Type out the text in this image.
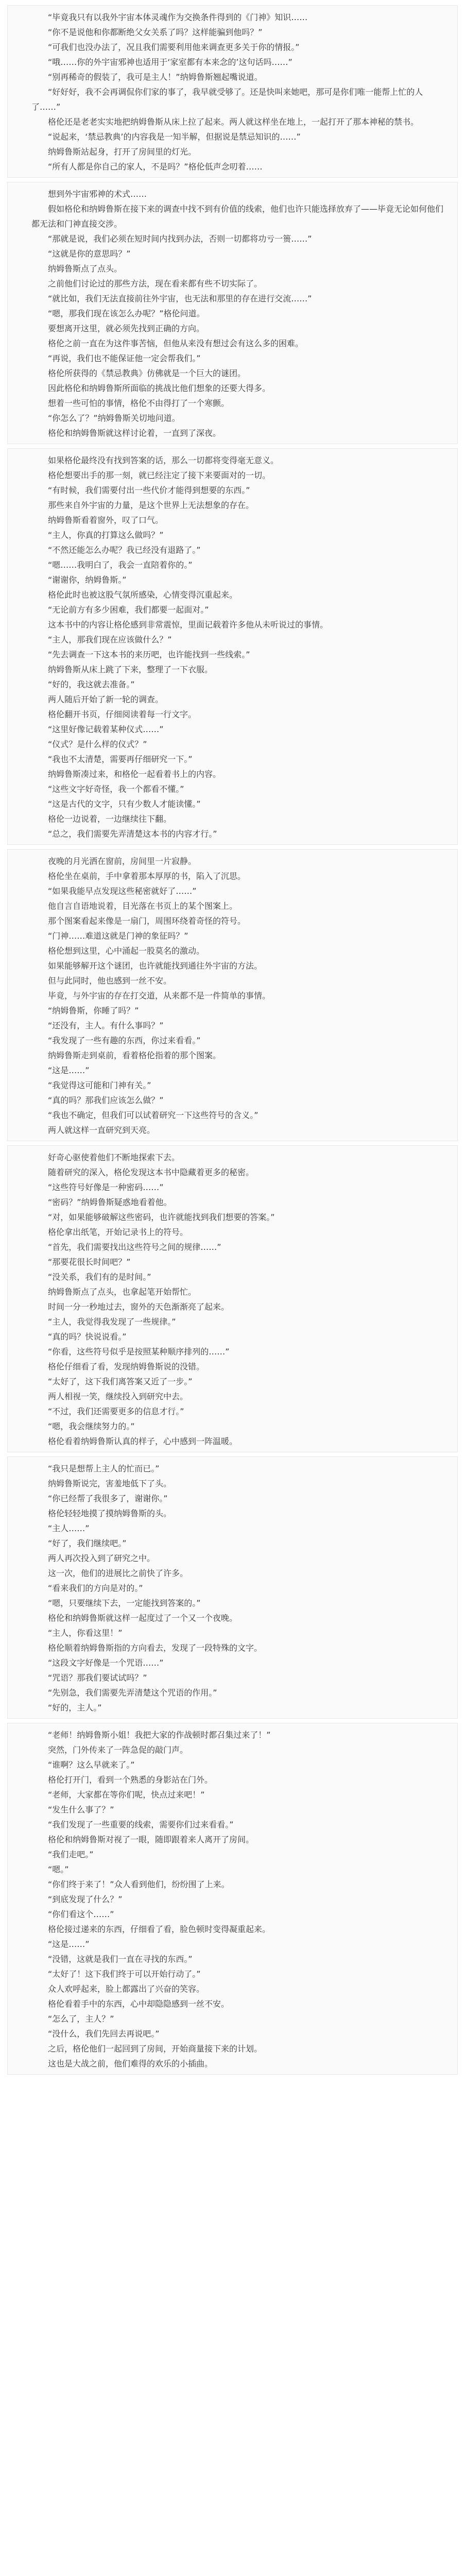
“毕竟我只有以我外宇宙本体灵魂作为交换条件得到的《门神》知识……

“你不是说他和你都断绝父女关系了吗？这样能骗到他吗？”

“可我们也没办法了，况且我们需要利用他来调查更多关于你的情报。”

“哦……你的外宇宙邪神也适用于‘家室都有本来念的’这句话吗……”

“别再稀奇的假装了，我可是主人！”纳姆鲁斯翘起嘴说道。

“好好好，我不会再调侃你们家的事了，我早就受够了。还是快叫来她吧，那可是你们唯一能帮上忙的人了……”

格伦还是老老实实地把纳姆鲁斯从床上拉了起来。两人就这样坐在地上，一起打开了那本神秘的禁书。

“说起来，‘禁忌教典’的内容我是一知半解，但据说是禁忌知识的……”

纳姆鲁斯站起身，打开了房间里的灯光。

“所有人都是你自己的家人，不是吗？”格伦低声念叨着……

想到外宇宙邪神的术式……

假如格伦和纳姆鲁斯在接下来的调查中找不到有价值的线索，他们也许只能选择放弃了——毕竟无论如何他们都无法和门神直接交涉。

“那就是说，我们必须在短时间内找到办法，否则一切都将功亏一篑……”

“这就是你的意思吗？”

纳姆鲁斯点了点头。

之前他们讨论过的那些方法，现在看来都有些不切实际了。

“就比如，我们无法直接前往外宇宙，也无法和那里的存在进行交流……”

“嗯，那我们现在该怎么办呢？”格伦问道。

要想离开这里，就必须先找到正确的方向。

格伦之前一直在为这件事苦恼，但他从来没有想过会有这么多的困难。

“再说，我们也不能保证他一定会帮我们。”

格伦所获得的《禁忌教典》仿佛就是一个巨大的谜团。

因此格伦和纳姆鲁斯所面临的挑战比他们想象的还要大得多。

想着一些可怕的事情，格伦不由得打了一个寒颤。

“你怎么了？”纳姆鲁斯关切地问道。

格伦和纳姆鲁斯就这样讨论着，一直到了深夜。

如果格伦最终没有找到答案的话，那么一切都将变得毫无意义。

格伦想要出手的那一刻，就已经注定了接下来要面对的一切。

“有时候，我们需要付出一些代价才能得到想要的东西。”

那些来自外宇宙的力量，是这个世界上无法想象的存在。

纳姆鲁斯看着窗外，叹了口气。

“主人，你真的打算这么做吗？”

“不然还能怎么办呢？我已经没有退路了。”

“嗯……我明白了，我会一直陪着你的。”

“谢谢你，纳姆鲁斯。”

格伦此时也被这股气氛所感染，心情变得沉重起来。

“无论前方有多少困难，我们都要一起面对。”

这本书中的内容让格伦感到非常震惊，里面记载着许多他从未听说过的事情。

“主人，那我们现在应该做什么？”

“先去调查一下这本书的来历吧，也许能找到一些线索。”

纳姆鲁斯从床上跳了下来，整理了一下衣服。

“好的，我这就去准备。”

两人随后开始了新一轮的调查。

格伦翻开书页，仔细阅读着每一行文字。

“这里好像记载着某种仪式……”

“仪式？是什么样的仪式？”

“我也不太清楚，需要再仔细研究一下。”

纳姆鲁斯凑过来，和格伦一起看着书上的内容。

“这些文字好奇怪，我一个都看不懂。”

“这是古代的文字，只有少数人才能读懂。”

格伦一边说着，一边继续往下翻。

“总之，我们需要先弄清楚这本书的内容才行。”

夜晚的月光洒在窗前，房间里一片寂静。

格伦坐在桌前，手中拿着那本厚厚的书，陷入了沉思。

“如果我能早点发现这些秘密就好了……”

他自言自语地说着，目光落在书页上的某个图案上。

那个图案看起来像是一扇门，周围环绕着奇怪的符号。

“门神……难道这就是门神的象征吗？”

格伦想到这里，心中涌起一股莫名的激动。

如果能够解开这个谜团，也许就能找到通往外宇宙的方法。

但与此同时，他也感到一丝不安。

毕竟，与外宇宙的存在打交道，从来都不是一件简单的事情。

“纳姆鲁斯，你睡了吗？”

“还没有，主人。有什么事吗？”

“我发现了一些有趣的东西，你过来看看。”

纳姆鲁斯走到桌前，看着格伦指着的那个图案。

“这是……”

“我觉得这可能和门神有关。”

“真的吗？那我们应该怎么做？”

“我也不确定，但我们可以试着研究一下这些符号的含义。”

两人就这样一直研究到天亮。

好奇心驱使着他们不断地探索下去。

随着研究的深入，格伦发现这本书中隐藏着更多的秘密。

“这些符号好像是一种密码……”

“密码？”纳姆鲁斯疑惑地看着他。

“对，如果能够破解这些密码，也许就能找到我们想要的答案。”

格伦拿出纸笔，开始记录书上的符号。

“首先，我们需要找出这些符号之间的规律……”

“那要花很长时间吧？”

“没关系，我们有的是时间。”

纳姆鲁斯点了点头，也拿起笔开始帮忙。

时间一分一秒地过去，窗外的天色渐渐亮了起来。

“主人，我觉得我发现了一些规律。”

“真的吗？快说说看。”

“你看，这些符号似乎是按照某种顺序排列的……”

格伦仔细看了看，发现纳姆鲁斯说的没错。

“太好了，这下我们离答案又近了一步。”

两人相视一笑，继续投入到研究中去。

“不过，我们还需要更多的信息才行。”

“嗯，我会继续努力的。”

格伦看着纳姆鲁斯认真的样子，心中感到一阵温暖。

“我只是想帮上主人的忙而已。”

纳姆鲁斯说完，害羞地低下了头。

“你已经帮了我很多了，谢谢你。”

格伦轻轻地摸了摸纳姆鲁斯的头。

“主人……”

“好了，我们继续吧。”

两人再次投入到了研究之中。

这一次，他们的进展比之前快了许多。

“看来我们的方向是对的。”

“嗯，只要继续下去，一定能找到答案的。”

格伦和纳姆鲁斯就这样一起度过了一个又一个夜晚。

“主人，你看这里！”

格伦顺着纳姆鲁斯指的方向看去，发现了一段特殊的文字。

“这段文字好像是一个咒语……”

“咒语？那我们要试试吗？”

“先别急，我们需要先弄清楚这个咒语的作用。”

“好的，主人。”

“老师！纳姆鲁斯小姐！我把大家的作战顿时都召集过来了！”

突然，门外传来了一阵急促的敲门声。

“谁啊？这么早就来了。”

格伦打开门，看到一个熟悉的身影站在门外。

“老师，大家都在等你们呢，快点过来吧！”

“发生什么事了？”

“我们发现了一些重要的线索，需要你们过来看看。”

格伦和纳姆鲁斯对视了一眼，随即跟着来人离开了房间。

“我们走吧。”

“嗯。”

“你们终于来了！”众人看到他们，纷纷围了上来。

“到底发现了什么？”

“你们看这个……”

格伦接过递来的东西，仔细看了看，脸色顿时变得凝重起来。

“这是……”

“没错，这就是我们一直在寻找的东西。”

“太好了！这下我们终于可以开始行动了。”

众人欢呼起来，脸上都露出了兴奋的笑容。

格伦看着手中的东西，心中却隐隐感到一丝不安。

“怎么了，主人？”

“没什么，我们先回去再说吧。”

之后，格伦他们一起回到了房间，开始商量接下来的计划。

这也是大战之前，他们难得的欢乐的小插曲。
